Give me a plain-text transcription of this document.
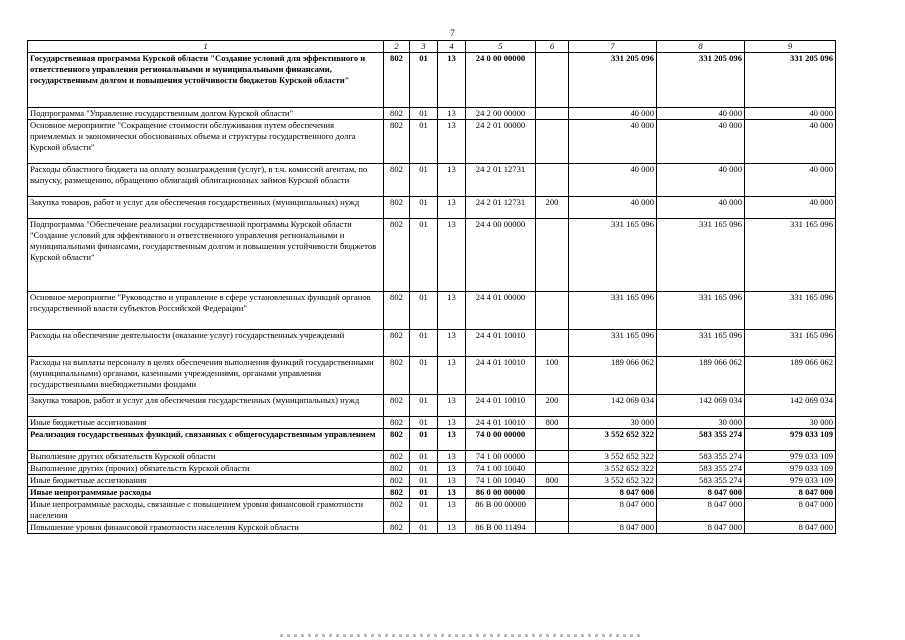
7
1	2	3	4	5	6	7	8	9
Государственная программа Курской области "Создание условий для эффективного и ответственного управления региональными и муниципальными финансами, государственным долгом и повышения устойчивости бюджетов Курской области"	802	01	13	24 0 00 00000		331 205 096	331 205 096	331 205 096
Подпрограмма "Управление государственным долгом Курской области"	802	01	13	24 2 00 00000		40 000	40 000	40 000
Основное мероприятие "Сокращение стоимости обслуживания путем обеспечения приемлемых и экономически обоснованных объема и структуры государственного долга Курской области"	802	01	13	24 2 01 00000		40 000	40 000	40 000
Расходы областного бюджета на оплату вознаграждения (услуг), в т.ч. комиссий агентам, по выпуску, размещению, обращению облигаций облигационных займов Курской области	802	01	13	24 2 01 12731		40 000	40 000	40 000
Закупка товаров, работ и услуг для обеспечения государственных (муниципальных) нужд	802	01	13	24 2 01 12731	200	40 000	40 000	40 000
Подпрограмма "Обеспечение реализации государственной программы Курской области "Создание условий для эффективного и ответственного управления региональными и муниципальными финансами, государственным долгом и повышения устойчивости бюджетов Курской области"	802	01	13	24 4 00 00000		331 165 096	331 165 096	331 165 096
Основное мероприятие "Руководство и управление в сфере установленных функций органов государственной власти субъектов Российской Федерации"	802	01	13	24 4 01 00000		331 165 096	331 165 096	331 165 096
Расходы на обеспечение деятельности (оказание услуг) государственных учреждений	802	01	13	24 4 01 10010		331 165 096	331 165 096	331 165 096
Расходы на выплаты персоналу в целях обеспечения выполнения функций государственными (муниципальными) органами, казенными учреждениями, органами управления государственными внебюджетными фондами	802	01	13	24 4 01 10010	100	189 066 062	189 066 062	189 066 062
Закупка товаров, работ и услуг для обеспечения государственных (муниципальных) нужд	802	01	13	24 4 01 10010	200	142 069 034	142 069 034	142 069 034
Иные бюджетные ассигнования	802	01	13	24 4 01 10010	800	30 000	30 000	30 000
Реализация государственных функций, связанных с общегосударственным управлением	802	01	13	74 0 00 00000		3 552 652 322	583 355 274	979 033 109
Выполнение других обязательств Курской области	802	01	13	74 1 00 00000		3 552 652 322	583 355 274	979 033 109
Выполнение других (прочих) обязательств Курской области	802	01	13	74 1 00 10040		3 552 652 322	583 355 274	979 033 109
Иные бюджетные ассигнования	802	01	13	74 1 00 10040	800	3 552 652 322	583 355 274	979 033 109
Иные непрограммные расходы	802	01	13	86 0 00 00000		8 047 000	8 047 000	8 047 000
Иные непрограммные расходы, связанные с повышением уровня финансовой грамотности населения	802	01	13	86 В 00 00000		8 047 000	8 047 000	8 047 000
Повышение уровня финансовой грамотности населения Курской области	802	01	13	86 В 00 11494		8 047 000	8 047 000	8 047 000
